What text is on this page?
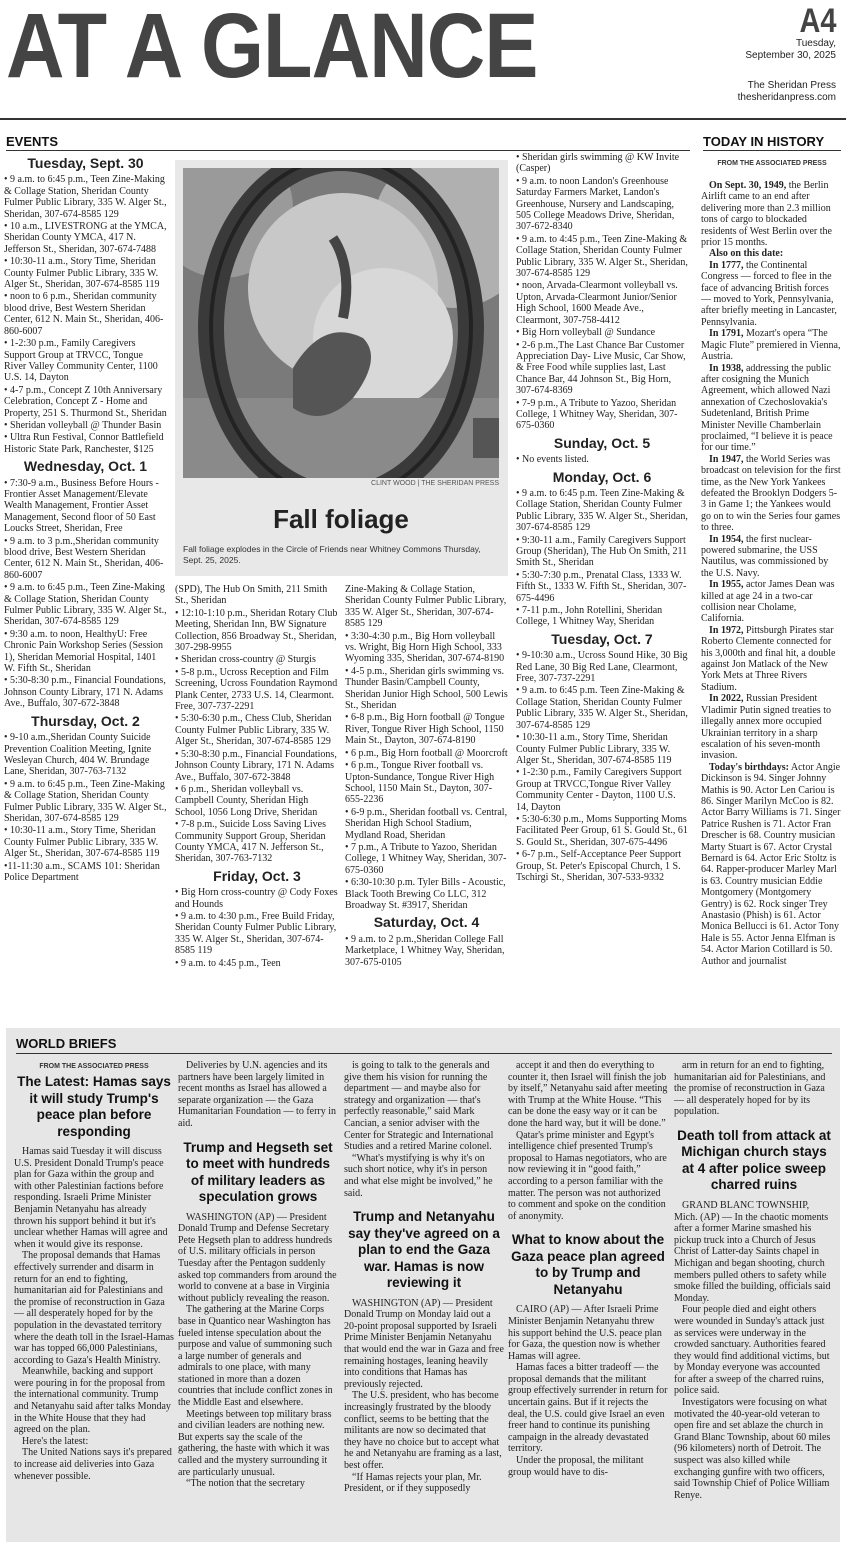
AT A GLANCE	A4
Tuesday,
September 30, 2025
The Sheridan Press
thesheridanpress.com
EVENTS
Tuesday, Sept. 30

• 9 a.m. to 6:45 p.m., Teen Zine-Making & Collage Station, Sheridan County Fulmer Public Library, 335 W. Alger St., Sheridan, 307-674-8585 129

• 10 a.m., LIVESTRONG at the YMCA, Sheridan County YMCA, 417 N. Jefferson St., Sheridan, 307-674-7488

• 10:30-11 a.m., Story Time, Sheridan County Fulmer Public Library, 335 W. Alger St., Sheridan, 307-674-8585 119

• noon to 6 p.m., Sheridan community blood drive, Best Western Sheridan Center, 612 N. Main St., Sheridan, 406-860-6007

• 1-2:30 p.m., Family Caregivers Support Group at TRVCC, Tongue River Valley Community Center, 1100 U.S. 14, Dayton

• 4-7 p.m., Concept Z 10th Anniversary Celebration, Concept Z - Home and Property, 251 S. Thurmond St., Sheridan

• Sheridan volleyball @ Thunder Basin

• Ultra Run Festival, Connor Battlefield Historic State Park, Ranchester, $125

Wednesday, Oct. 1

• 7:30-9 a.m., Business Before Hours - Frontier Asset Management/Elevate Wealth Management, Frontier Asset Management, Second floor of 50 East Loucks Street, Sheridan, Free

• 9 a.m. to 3 p.m.,Sheridan community blood drive, Best Western Sheridan Center, 612 N. Main St., Sheridan, 406-860-6007

• 9 a.m. to 6:45 p.m., Teen Zine-Making & Collage Station, Sheridan County Fulmer Public Library, 335 W. Alger St., Sheridan, 307-674-8585 129

• 9:30 a.m. to noon, HealthyU: Free Chronic Pain Workshop Series (Session 1), Sheridan Memorial Hospital, 1401 W. Fifth St., Sheridan

• 5:30-8:30 p.m., Financial Foundations, Johnson County Library, 171 N. Adams Ave., Buffalo, 307-672-3848

Thursday, Oct. 2

• 9-10 a.m.,Sheridan County Suicide Prevention Coalition Meeting, Ignite Wesleyan Church, 404 W. Brundage Lane, Sheridan, 307-763-7132

• 9 a.m. to 6:45 p.m., Teen Zine-Making & Collage Station, Sheridan County Fulmer Public Library, 335 W. Alger St., Sheridan, 307-674-8585 129

• 10:30-11 a.m., Story Time, Sheridan County Fulmer Public Library, 335 W. Alger St., Sheridan, 307-674-8585 119

•11-11:30 a.m., SCAMS 101: Sheridan Police Department

(SPD), The Hub On Smith, 211 Smith St., Sheridan

• 12:10-1:10 p.m., Sheridan Rotary Club Meeting, Sheridan Inn, BW Signature Collection, 856 Broadway St., Sheridan, 307-298-9955

• Sheridan cross-country @ Sturgis

• 5-8 p.m., Ucross Reception and Film Screening, Ucross Foundation Raymond Plank Center, 2733 U.S. 14, Clearmont. Free, 307-737-2291

• 5:30-6:30 p.m., Chess Club, Sheridan County Fulmer Public Library, 335 W. Alger St., Sheridan, 307-674-8585 129

• 5:30-8:30 p.m., Financial Foundations, Johnson County Library, 171 N. Adams Ave., Buffalo, 307-672-3848

• 6 p.m., Sheridan volleyball vs. Campbell County, Sheridan High School, 1056 Long Drive, Sheridan

• 7-8 p.m., Suicide Loss Saving Lives Community Support Group, Sheridan County YMCA, 417 N. Jefferson St., Sheridan, 307-763-7132

Friday, Oct. 3

• Big Horn cross-country @ Cody Foxes and Hounds

• 9 a.m. to 4:30 p.m., Free Build Friday, Sheridan County Fulmer Public Library, 335 W. Alger St., Sheridan, 307-674-8585 119

• 9 a.m. to 4:45 p.m., Teen

Zine-Making & Collage Station, Sheridan County Fulmer Public Library, 335 W. Alger St., Sheridan, 307-674-8585 129

• 3:30-4:30 p.m., Big Horn volleyball vs. Wright, Big Horn High School, 333 Wyoming 335, Sheridan, 307-674-8190

• 4-5 p.m., Sheridan girls swimming vs. Thunder Basin/Campbell County, Sheridan Junior High School, 500 Lewis St., Sheridan

• 6-8 p.m., Big Horn football @ Tongue River, Tongue River High School, 1150 Main St., Dayton, 307-674-8190

• 6 p.m., Big Horn football @ Moorcroft

• 6 p.m., Tongue River football vs. Upton-Sundance, Tongue River High School, 1150 Main St., Dayton, 307-655-2236

• 6-9 p.m., Sheridan football vs. Central, Sheridan High School Stadium, Mydland Road, Sheridan

• 7 p.m., A Tribute to Yazoo, Sheridan College, 1 Whitney Way, Sheridan, 307-675-0360

• 6:30-10:30 p.m. Tyler Bills - Acoustic, Black Tooth Brewing Co LLC, 312 Broadway St. #3917, Sheridan

Saturday, Oct. 4

• 9 a.m. to 2 p.m.,Sheridan College Fall Marketplace, 1 Whitney Way, Sheridan, 307-675-0105

• Sheridan girls swimming @ KW Invite (Casper)

• 9 a.m. to noon Landon's Greenhouse Saturday Farmers Market, Landon's Greenhouse, Nursery and Landscaping, 505 College Meadows Drive, Sheridan, 307-672-8340

• 9 a.m. to 4:45 p.m., Teen Zine-Making & Collage Station, Sheridan County Fulmer Public Library, 335 W. Alger St., Sheridan, 307-674-8585 129

• noon, Arvada-Clearmont volleyball vs. Upton, Arvada-Clearmont Junior/Senior High School, 1600 Meade Ave., Clearmont, 307-758-4412

• Big Horn volleyball @ Sundance

• 2-6 p.m.,The Last Chance Bar Customer Appreciation Day- Live Music, Car Show, & Free Food while supplies last, Last Chance Bar, 44 Johnson St., Big Horn, 307-674-8369

• 7-9 p.m., A Tribute to Yazoo, Sheridan College, 1 Whitney Way, Sheridan, 307-675-0360

Sunday, Oct. 5

• No events listed.

Monday, Oct. 6

• 9 a.m. to 6:45 p.m. Teen Zine-Making & Collage Station, Sheridan County Fulmer Public Library, 335 W. Alger St., Sheridan, 307-674-8585 129

• 9:30-11 a.m., Family Caregivers Support Group (Sheridan), The Hub On Smith, 211 Smith St., Sheridan

• 5:30-7:30 p.m., Prenatal Class, 1333 W. Fifth St., 1333 W. Fifth St., Sheridan, 307-675-4496

• 7-11 p.m., John Rotellini, Sheridan College, 1 Whitney Way, Sheridan

Tuesday, Oct. 7

• 9-10:30 a.m., Ucross Sound Hike, 30 Big Red Lane, 30 Big Red Lane, Clearmont, Free, 307-737-2291

• 9 a.m. to 6:45 p.m. Teen Zine-Making & Collage Station, Sheridan County Fulmer Public Library, 335 W. Alger St., Sheridan, 307-674-8585 129

• 10:30-11 a.m., Story Time, Sheridan County Fulmer Public Library, 335 W. Alger St., Sheridan, 307-674-8585 119

• 1-2:30 p.m., Family Caregivers Support Group at TRVCC,Tongue River Valley Community Center - Dayton, 1100 U.S. 14, Dayton

• 5:30-6:30 p.m., Moms Supporting Moms Facilitated Peer Group, 61 S. Gould St., 61 S. Gould St., Sheridan, 307-675-4496

• 6-7 p.m., Self-Acceptance Peer Support Group, St. Peter's Episcopal Church, 1 S. Tschirgi St., Sheridan, 307-533-9332

CLINT WOOD | THE SHERIDAN PRESS
Fall foliage
Fall foliage explodes in the Circle of Friends near Whitney Commons Thursday, Sept. 25, 2025.
TODAY IN HISTORY
FROM THE ASSOCIATED PRESS

On Sept. 30, 1949, the Berlin Airlift came to an end after delivering more than 2.3 million tons of cargo to blockaded residents of West Berlin over the prior 15 months.

Also on this date:

In 1777, the Continental Congress — forced to flee in the face of advancing British forces — moved to York, Pennsylvania, after briefly meeting in Lancaster, Pennsylvania.

In 1791, Mozart's opera “The Magic Flute” premiered in Vienna, Austria.

In 1938, addressing the public after cosigning the Munich Agreement, which allowed Nazi annexation of Czechoslovakia's Sudetenland, British Prime Minister Neville Chamberlain proclaimed, “I believe it is peace for our time.”

In 1947, the World Series was broadcast on television for the first time, as the New York Yankees defeated the Brooklyn Dodgers 5-3 in Game 1; the Yankees would go on to win the Series four games to three.

In 1954, the first nuclear-powered submarine, the USS Nautilus, was commissioned by the U.S. Navy.

In 1955, actor James Dean was killed at age 24 in a two-car collision near Cholame, California.

In 1972, Pittsburgh Pirates star Roberto Clemente connected for his 3,000th and final hit, a double against Jon Matlack of the New York Mets at Three Rivers Stadium.

In 2022, Russian President Vladimir Putin signed treaties to illegally annex more occupied Ukrainian territory in a sharp escalation of his seven-month invasion.

Today's birthdays: Actor Angie Dickinson is 94. Singer Johnny Mathis is 90. Actor Len Cariou is 86. Singer Marilyn McCoo is 82. Actor Barry Williams is 71. Singer Patrice Rushen is 71. Actor Fran Drescher is 68. Country musician Marty Stuart is 67. Actor Crystal Bernard is 64. Actor Eric Stoltz is 64. Rapper-producer Marley Marl is 63. Country musician Eddie Montgomery (Montgomery Gentry) is 62. Rock singer Trey Anastasio (Phish) is 61. Actor Monica Bellucci is 61. Actor Tony Hale is 55. Actor Jenna Elfman is 54. Actor Marion Cotillard is 50. Author and journalist

WORLD BRIEFS
FROM THE ASSOCIATED PRESS
The Latest: Hamas says it will study Trump's peace plan before responding

Hamas said Tuesday it will discuss U.S. President Donald Trump's peace plan for Gaza within the group and with other Palestinian factions before responding. Israeli Prime Minister Benjamin Netanyahu has already thrown his support behind it but it's unclear whether Hamas will agree and when it would give its response.

The proposal demands that Hamas effectively surrender and disarm in return for an end to fighting, humanitarian aid for Palestinians and the promise of reconstruction in Gaza — all desperately hoped for by the population in the devastated territory where the death toll in the Israel-Hamas war has topped 66,000 Palestinians, according to Gaza's Health Ministry.

Meanwhile, backing and support were pouring in for the proposal from the international community. Trump and Netanyahu said after talks Monday in the White House that they had agreed on the plan.

Here's the latest:

The United Nations says it's prepared to increase aid deliveries into Gaza whenever possible.

Deliveries by U.N. agencies and its partners have been largely limited in recent months as Israel has allowed a separate organization — the Gaza Humanitarian Foundation — to ferry in aid.

Trump and Hegseth set to meet with hundreds of military leaders as speculation grows

WASHINGTON (AP) — President Donald Trump and Defense Secretary Pete Hegseth plan to address hundreds of U.S. military officials in person Tuesday after the Pentagon suddenly asked top commanders from around the world to convene at a base in Virginia without publicly revealing the reason.

The gathering at the Marine Corps base in Quantico near Washington has fueled intense speculation about the purpose and value of summoning such a large number of generals and admirals to one place, with many stationed in more than a dozen countries that include conflict zones in the Middle East and elsewhere.

Meetings between top military brass and civilian leaders are nothing new. But experts say the scale of the gathering, the haste with which it was called and the mystery surrounding it are particularly unusual.

“The notion that the secretary

is going to talk to the generals and give them his vision for running the department — and maybe also for strategy and organization — that's perfectly reasonable,” said Mark Cancian, a senior adviser with the Center for Strategic and International Studies and a retired Marine colonel.

“What's mystifying is why it's on such short notice, why it's in person and what else might be involved,” he said.

Trump and Netanyahu say they've agreed on a plan to end the Gaza war. Hamas is now reviewing it

WASHINGTON (AP) — President Donald Trump on Monday laid out a 20-point proposal supported by Israeli Prime Minister Benjamin Netanyahu that would end the war in Gaza and free remaining hostages, leaning heavily into conditions that Hamas has previously rejected.

The U.S. president, who has become increasingly frustrated by the bloody conflict, seems to be betting that the militants are now so decimated that they have no choice but to accept what he and Netanyahu are framing as a last, best offer.

“If Hamas rejects your plan, Mr. President, or if they supposedly

accept it and then do everything to counter it, then Israel will finish the job by itself,” Netanyahu said after meeting with Trump at the White House. “This can be done the easy way or it can be done the hard way, but it will be done.”

Qatar's prime minister and Egypt's intelligence chief presented Trump's proposal to Hamas negotiators, who are now reviewing it in “good faith,” according to a person familiar with the matter. The person was not authorized to comment and spoke on the condition of anonymity.

What to know about the Gaza peace plan agreed to by Trump and Netanyahu

CAIRO (AP) — After Israeli Prime Minister Benjamin Netanyahu threw his support behind the U.S. peace plan for Gaza, the question now is whether Hamas will agree.

Hamas faces a bitter tradeoff — the proposal demands that the militant group effectively surrender in return for uncertain gains. But if it rejects the deal, the U.S. could give Israel an even freer hand to continue its punishing campaign in the already devastated territory.

Under the proposal, the militant group would have to dis-

arm in return for an end to fighting, humanitarian aid for Palestinians, and the promise of reconstruction in Gaza — all desperately hoped for by its population.

Death toll from attack at Michigan church stays at 4 after police sweep charred ruins

GRAND BLANC TOWNSHIP, Mich. (AP) — In the chaotic moments after a former Marine smashed his pickup truck into a Church of Jesus Christ of Latter-day Saints chapel in Michigan and began shooting, church members pulled others to safety while smoke filled the building, officials said Monday.

Four people died and eight others were wounded in Sunday's attack just as services were underway in the crowded sanctuary. Authorities feared they would find additional victims, but by Monday everyone was accounted for after a sweep of the charred ruins, police said.

Investigators were focusing on what motivated the 40-year-old veteran to open fire and set ablaze the church in Grand Blanc Township, about 60 miles (96 kilometers) north of Detroit. The suspect was also killed while exchanging gunfire with two officers, said Township Chief of Police William Renye.
